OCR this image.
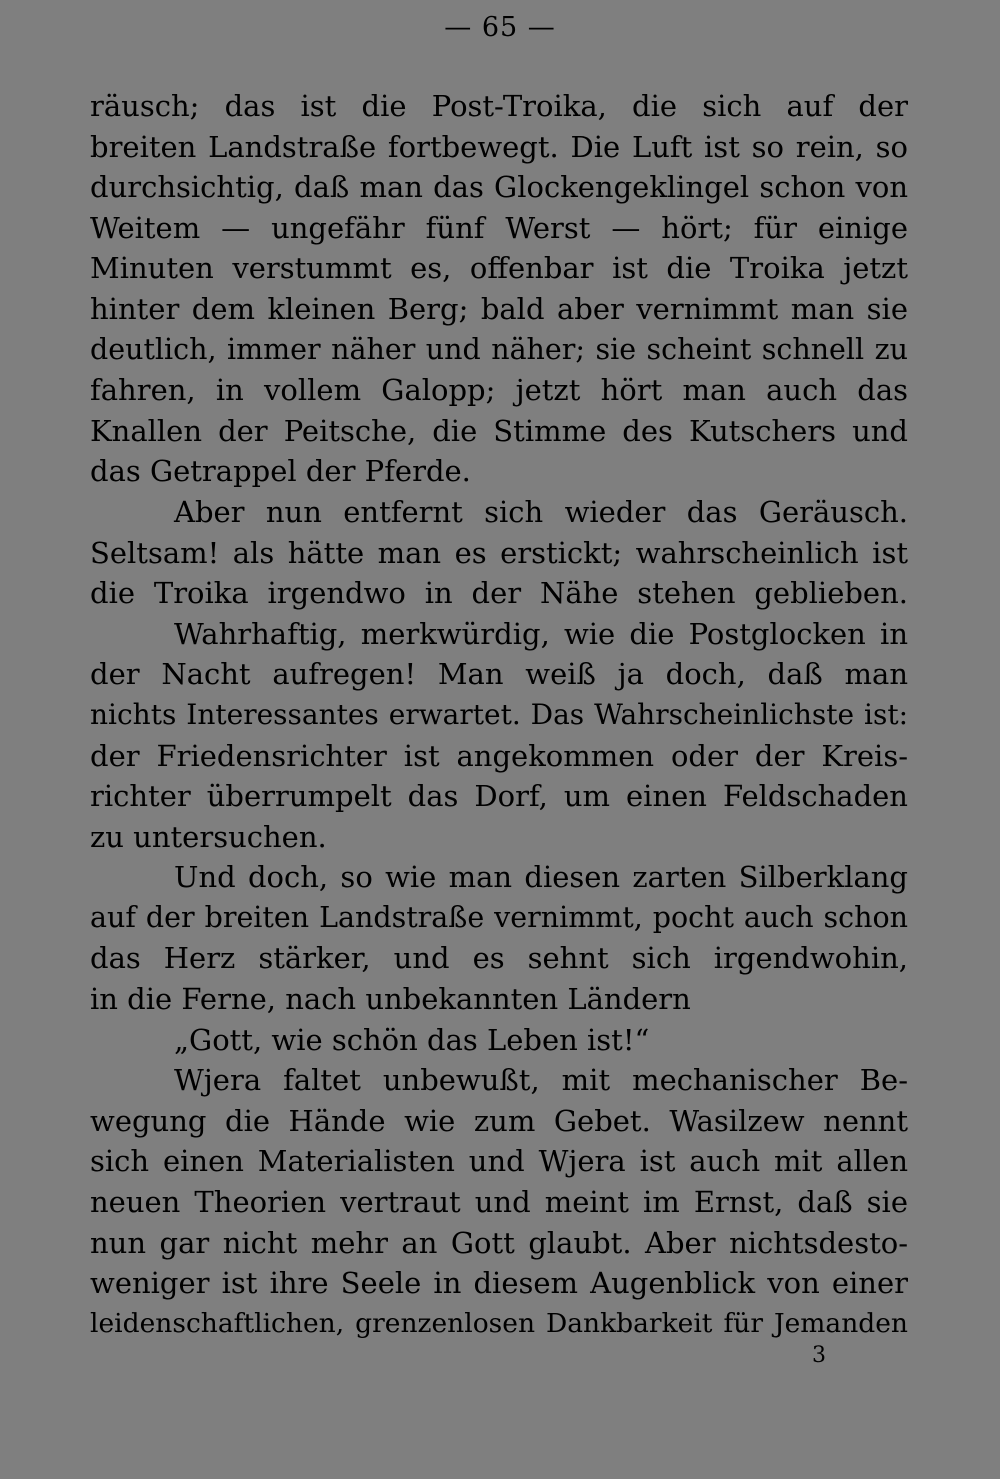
— 65 —
räusch; das ist die Post-Troika, die sich auf der
breiten Landstraße fortbewegt. Die Luft ist so rein, so
durchsichtig, daß man das Glockengeklingel schon von
Weitem — ungefähr fünf Werst — hört; für einige
Minuten verstummt es, offenbar ist die Troika jetzt
hinter dem kleinen Berg; bald aber vernimmt man sie
deutlich, immer näher und näher; sie scheint schnell zu
fahren, in vollem Galopp; jetzt hört man auch das
Knallen der Peitsche, die Stimme des Kutschers und
das Getrappel der Pferde.
Aber nun entfernt sich wieder das Geräusch.
Seltsam! als hätte man es erstickt; wahrscheinlich ist
die Troika irgendwo in der Nähe stehen geblieben.
Wahrhaftig, merkwürdig, wie die Postglocken in
der Nacht aufregen! Man weiß ja doch, daß man
nichts Interessantes erwartet. Das Wahrscheinlichste ist:
der Friedensrichter ist angekommen oder der Kreis-
richter überrumpelt das Dorf, um einen Feldschaden
zu untersuchen.
Und doch, so wie man diesen zarten Silberklang
auf der breiten Landstraße vernimmt, pocht auch schon
das Herz stärker, und es sehnt sich irgendwohin,
in die Ferne, nach unbekannten Ländern
„Gott, wie schön das Leben ist!“
Wjera faltet unbewußt, mit mechanischer Be-
wegung die Hände wie zum Gebet. Wasilzew nennt
sich einen Materialisten und Wjera ist auch mit allen
neuen Theorien vertraut und meint im Ernst, daß sie
nun gar nicht mehr an Gott glaubt. Aber nichtsdesto-
weniger ist ihre Seele in diesem Augenblick von einer
leidenschaftlichen, grenzenlosen Dankbarkeit für Jemanden
3
